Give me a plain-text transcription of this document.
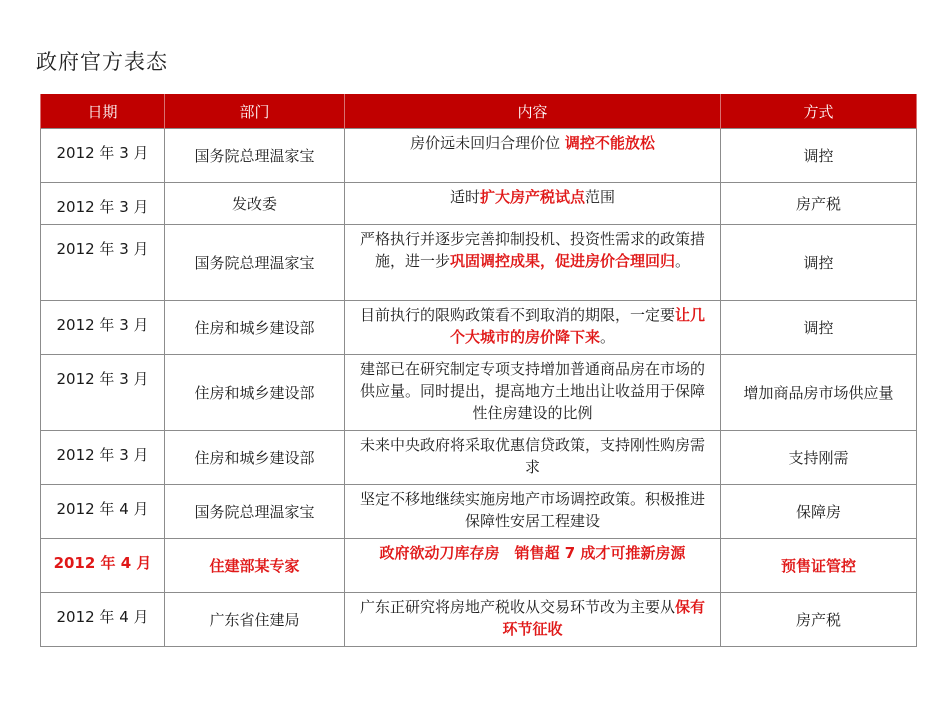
政府官方表态
日期	部门	内容	方式
2012 年 3 月	国务院总理温家宝	房价远未回归合理价位 调控不能放松	调控
2012 年 3 月	发改委	适时扩大房产税试点范围	房产税
2012 年 3 月	国务院总理温家宝	严格执行并逐步完善抑制投机、投资性需求的政策措施，进一步巩固调控成果，促进房价合理回归。	调控
2012 年 3 月	住房和城乡建设部	目前执行的限购政策看不到取消的期限，一定要让几个大城市的房价降下来。	调控
2012 年 3 月	住房和城乡建设部	建部已在研究制定专项支持增加普通商品房在市场的供应量。同时提出，提高地方土地出让收益用于保障性住房建设的比例	增加商品房市场供应量
2012 年 3 月	住房和城乡建设部	未来中央政府将采取优惠信贷政策，支持刚性购房需求	支持刚需
2012 年 4 月	国务院总理温家宝	坚定不移地继续实施房地产市场调控政策。积极推进保障性安居工程建设	保障房
2012 年 4 月	住建部某专家	政府欲动刀库存房　销售超 7 成才可推新房源	预售证管控
2012 年 4 月	广东省住建局	广东正研究将房地产税收从交易环节改为主要从保有环节征收	房产税
